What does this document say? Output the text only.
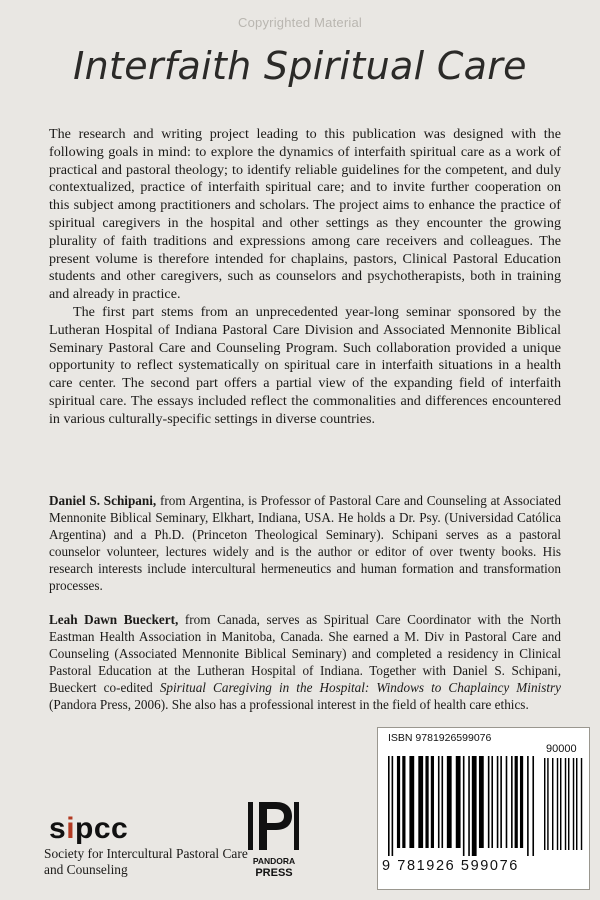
Copyrighted Material
Interfaith Spiritual Care

The research and writing project leading to this publication was designed with the following goals in mind: to explore the dynamics of interfaith spiritual care as a work of practical and pastoral theology; to identify reliable guidelines for the competent, and duly contextualized, practice of interfaith spiritual care; and to invite further cooperation on this subject among practitioners and scholars. The project aims to enhance the practice of spiritual caregivers in the hospital and other settings as they encounter the growing plurality of faith traditions and expressions among care receivers and colleagues. The present volume is therefore intended for chaplains, pastors, Clinical Pastoral Education students and other caregivers, such as counselors and psychotherapists, both in training and already in practice.

The first part stems from an unprecedented year-long seminar sponsored by the Lutheran Hospital of Indiana Pastoral Care Division and Associated Mennonite Biblical Seminary Pastoral Care and Counseling Program. Such collaboration provided a unique opportunity to reflect systematically on spiritual care in interfaith situations in a health care center. The second part offers a partial view of the expanding field of interfaith spiritual care. The essays included reflect the commonalities and differences encountered in various culturally-specific settings in diverse countries.

Daniel S. Schipani, from Argentina, is Professor of Pastoral Care and Counseling at Associated Mennonite Biblical Seminary, Elkhart, Indiana, USA. He holds a Dr. Psy. (Universidad Católica Argentina) and a Ph.D. (Princeton Theological Seminary). Schipani serves as a pastoral counselor volunteer, lectures widely and is the author or editor of over twenty books. His research interests include intercultural hermeneutics and human formation and transformation processes.

Leah Dawn Bueckert, from Canada, serves as Spiritual Care Coordinator with the North Eastman Health Association in Manitoba, Canada. She earned a M. Div in Pastoral Care and Counseling (Associated Mennonite Biblical Seminary) and completed a residency in Clinical Pastoral Education at the Lutheran Hospital of Indiana. Together with Daniel S. Schipani, Bueckert co-edited Spiritual Caregiving in the Hospital: Windows to Chaplaincy Ministry (Pandora Press, 2006). She also has a professional interest in the field of health care ethics.

ISBN 9781926599076
90000
9 781926 599076
sipcc

Society for Intercultural Pastoral Care and Counseling

PANDORA
PRESS
